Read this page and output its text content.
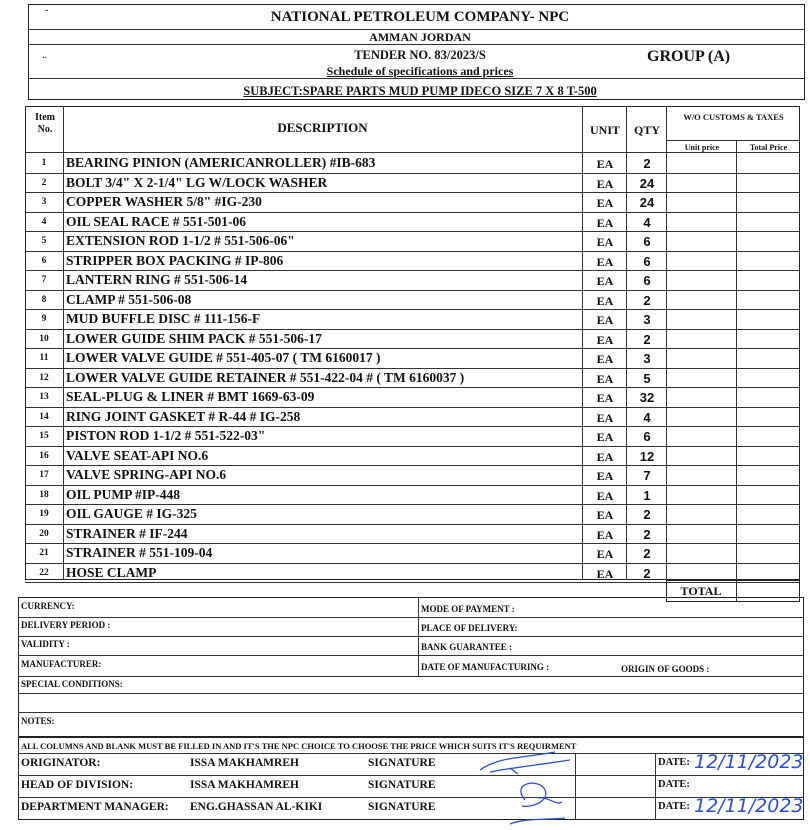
-
..
NATIONAL PETROLEUM COMPANY- NPC
AMMAN JORDAN
TENDER NO. 83/2023/S	GROUP (A)
Schedule of specifications and prices
SUBJECT:SPARE PARTS MUD PUMP IDECO SIZE 7 X 8 T-500
Item
No.	DESCRIPTION	UNIT	QTY
W/O CUSTOMS & TAXES
Unit price	Total Price
1	BEARING PINION (AMERICANROLLER) #IB-683	EA	2
2	BOLT 3/4" X 2-1/4" LG W/LOCK WASHER	EA	24
3	COPPER WASHER 5/8" #IG-230	EA	24
4	OIL SEAL RACE # 551-501-06	EA	4
5	EXTENSION ROD 1-1/2 # 551-506-06"	EA	6
6	STRIPPER BOX PACKING # IP-806	EA	6
7	LANTERN RING # 551-506-14	EA	6
8	CLAMP # 551-506-08	EA	2
9	MUD BUFFLE DISC # 111-156-F	EA	3
10	LOWER GUIDE SHIM PACK # 551-506-17	EA	2
11	LOWER VALVE GUIDE # 551-405-07 ( TM 6160017 )	EA	3
12	LOWER VALVE GUIDE RETAINER # 551-422-04 # ( TM 6160037 )	EA	5
13	SEAL-PLUG & LINER # BMT 1669-63-09	EA	32
14	RING JOINT GASKET # R-44 # IG-258	EA	4
15	PISTON ROD 1-1/2 # 551-522-03"	EA	6
16	VALVE SEAT-API NO.6	EA	12
17	VALVE SPRING-API NO.6	EA	7
18	OIL PUMP #IP-448	EA	1
19	OIL GAUGE # IG-325	EA	2
20	STRAINER # IF-244	EA	2
21	STRAINER # 551-109-04	EA	2
22	HOSE CLAMP	EA	2
TOTAL
CURRENCY:	MODE OF PAYMENT :
DELIVERY PERIOD :	PLACE OF DELIVERY:
VALIDITY :	BANK GUARANTEE :
MANUFACTURER:	DATE OF MANUFACTURING :	ORIGIN OF GOODS :
SPECIAL CONDITIONS:
NOTES:
ALL COLUMNS AND BLANK MUST BE FILLED IN AND IT'S THE NPC CHOICE TO CHOOSE THE PRICE WHICH SUITS IT'S REQUIRMENT
ORIGINATOR:	ISSA MAKHAMREH	SIGNATURE	DATE: 12/11/2023
HEAD OF DIVISION:	ISSA MAKHAMREH	SIGNATURE	DATE:
DEPARTMENT MANAGER: ENG.GHASSAN AL-KIKI	SIGNATURE	DATE: 12/11/2023
